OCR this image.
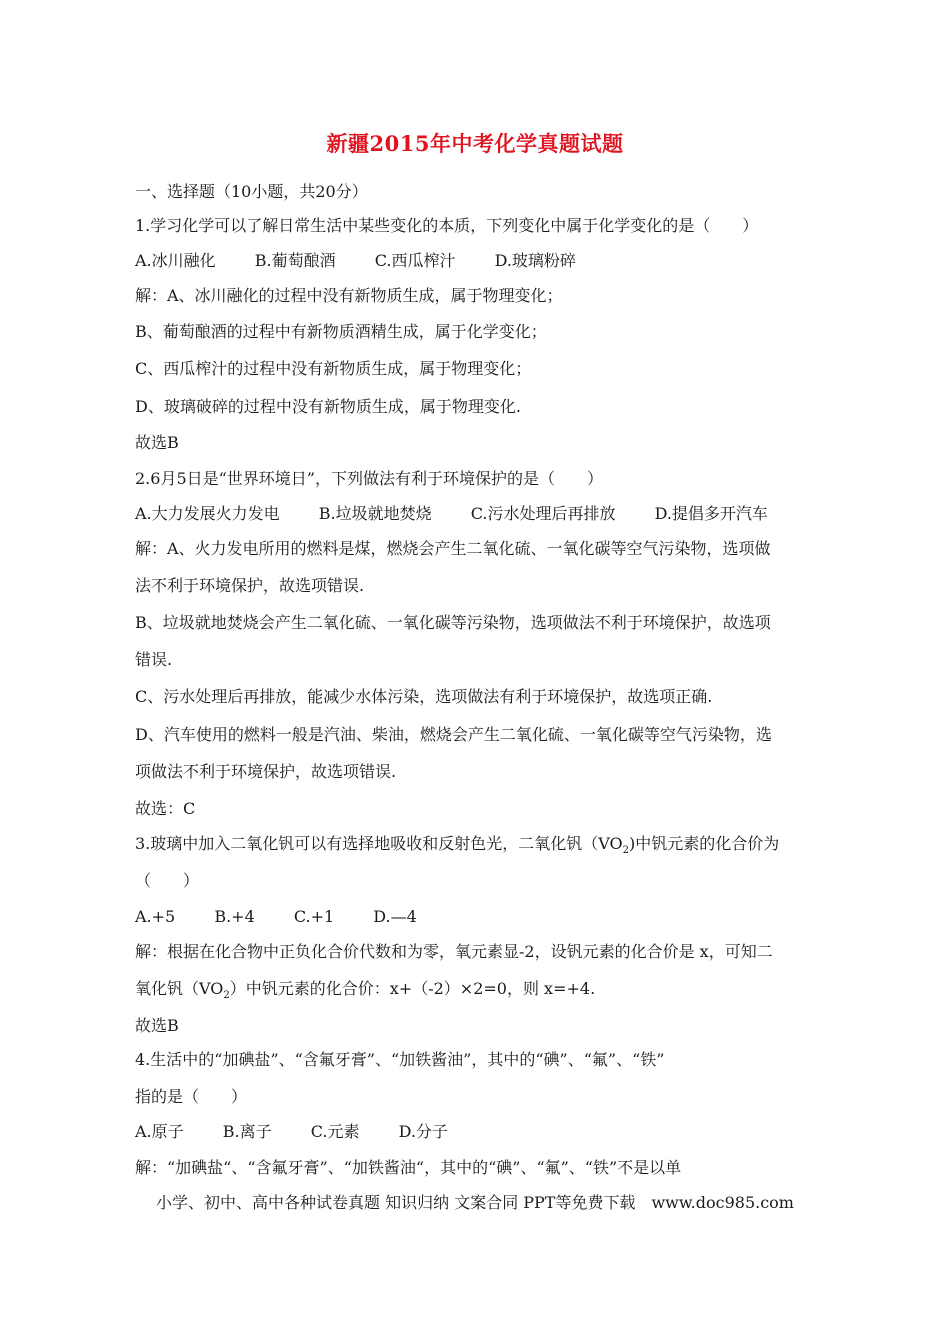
新疆2015年中考化学真题试题
一、选择题（10小题，共20分）
1.学习化学可以了解日常生活中某些变化的本质，下列变化中属于化学变化的是（　　）
A.冰川融化 B.葡萄酿酒 C.西瓜榨汁 D.玻璃粉碎
解：A、冰川融化的过程中没有新物质生成，属于物理变化；
B、葡萄酿酒的过程中有新物质酒精生成，属于化学变化；
C、西瓜榨汁的过程中没有新物质生成，属于物理变化；
D、玻璃破碎的过程中没有新物质生成，属于物理变化.
故选B
2.6月5日是“世界环境日”，下列做法有利于环境保护的是（　　）
A.大力发展火力发电 B.垃圾就地焚烧 C.污水处理后再排放 D.提倡多开汽车
解：A、火力发电所用的燃料是煤，燃烧会产生二氧化硫、一氧化碳等空气污染物，选项做
法不利于环境保护，故选项错误.
B、垃圾就地焚烧会产生二氧化硫、一氧化碳等污染物，选项做法不利于环境保护，故选项
错误.
C、污水处理后再排放，能减少水体污染，选项做法有利于环境保护，故选项正确.
D、汽车使用的燃料一般是汽油、柴油，燃烧会产生二氧化硫、一氧化碳等空气污染物，选
项做法不利于环境保护，故选项错误.
故选：C
3.玻璃中加入二氧化钒可以有选择地吸收和反射色光，二氧化钒$(VO_2)$中钒元素的化合价为
（　　）
A.+5 B.+4 C.+1 D.—4
解：根据在化合物中正负化合价代数和为零，氧元素显-2，设钒元素的化合价是 x，可知二
氧化钒$(VO_2)$中钒元素的化合价：x+（-2）×2=0，则 x=+4.
故选B
4.生活中的“加碘盐”、“含氟牙膏”、“加铁酱油”，其中的“碘”、“氟”、“铁”
指的是（　　）
A.原子 B.离子 C.元素 D.分子
解：“加碘盐“、“含氟牙膏”、“加铁酱油“，其中的“碘”、“氟”、“铁”不是以单
小学、初中、高中各种试卷真题 知识归纳 文案合同 PPT等免费下载　www.doc985.com
